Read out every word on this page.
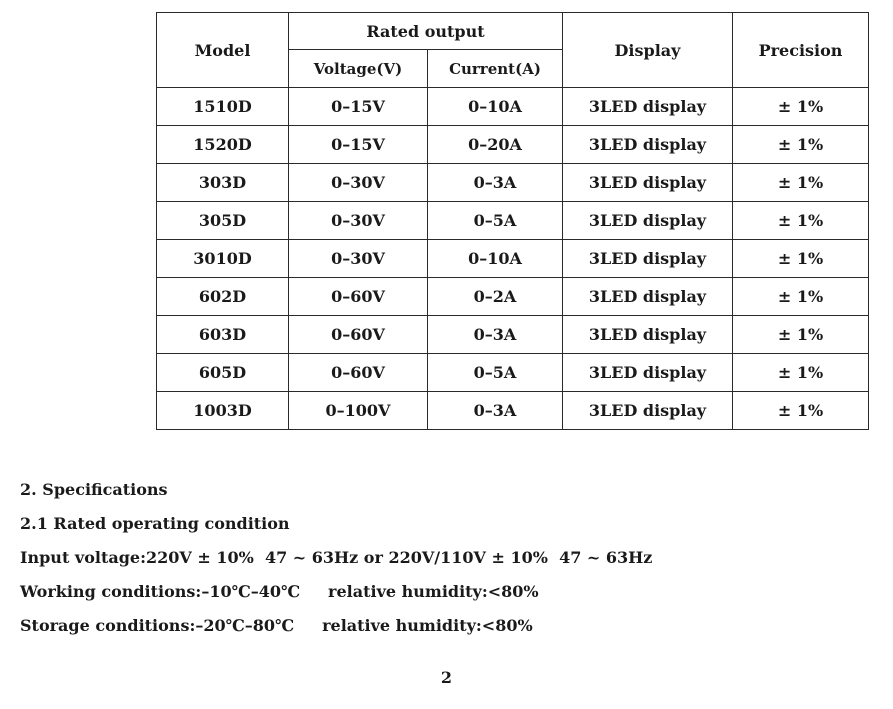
Model	Rated output		Display	Precision
	Voltage(V)	Current(A)		
1510D	0–15V	0–10A	3LED display	± 1%
1520D	0–15V	0–20A	3LED display	± 1%
303D	0–30V	0–3A	3LED display	± 1%
305D	0–30V	0–5A	3LED display	± 1%
3010D	0–30V	0–10A	3LED display	± 1%
602D	0–60V	0–2A	3LED display	± 1%
603D	0–60V	0–3A	3LED display	± 1%
605D	0–60V	0–5A	3LED display	± 1%
1003D	0–100V	0–3A	3LED display	± 1%

2. Specifications

2.1 Rated operating condition

Input voltage:220V ± 10%  47 ~ 63Hz or 220V/110V ± 10%  47 ~ 63Hz

Working conditions:–10℃–40℃     relative humidity:<80%

Storage conditions:–20℃–80℃     relative humidity:<80%

2
